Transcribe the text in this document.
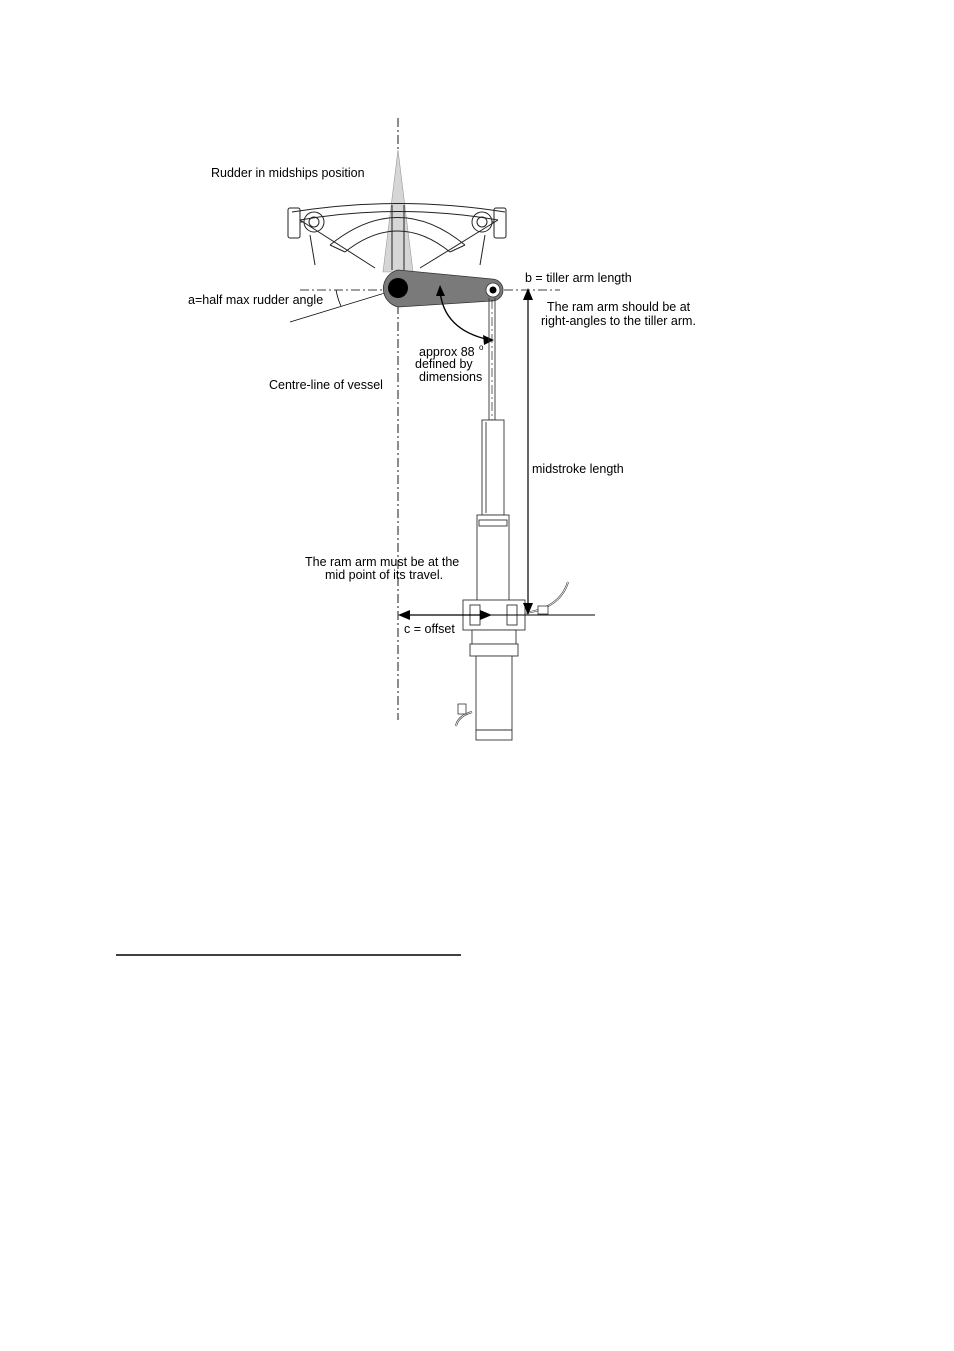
Rudder in midships position
a=half max rudder angle
b = tiller arm length
The ram arm should be at
right-angles to the tiller arm.
approx 88 o
defined by
dimensions
Centre-line of vessel
midstroke length
The ram arm must be at the
mid point of its travel.
c = offset
